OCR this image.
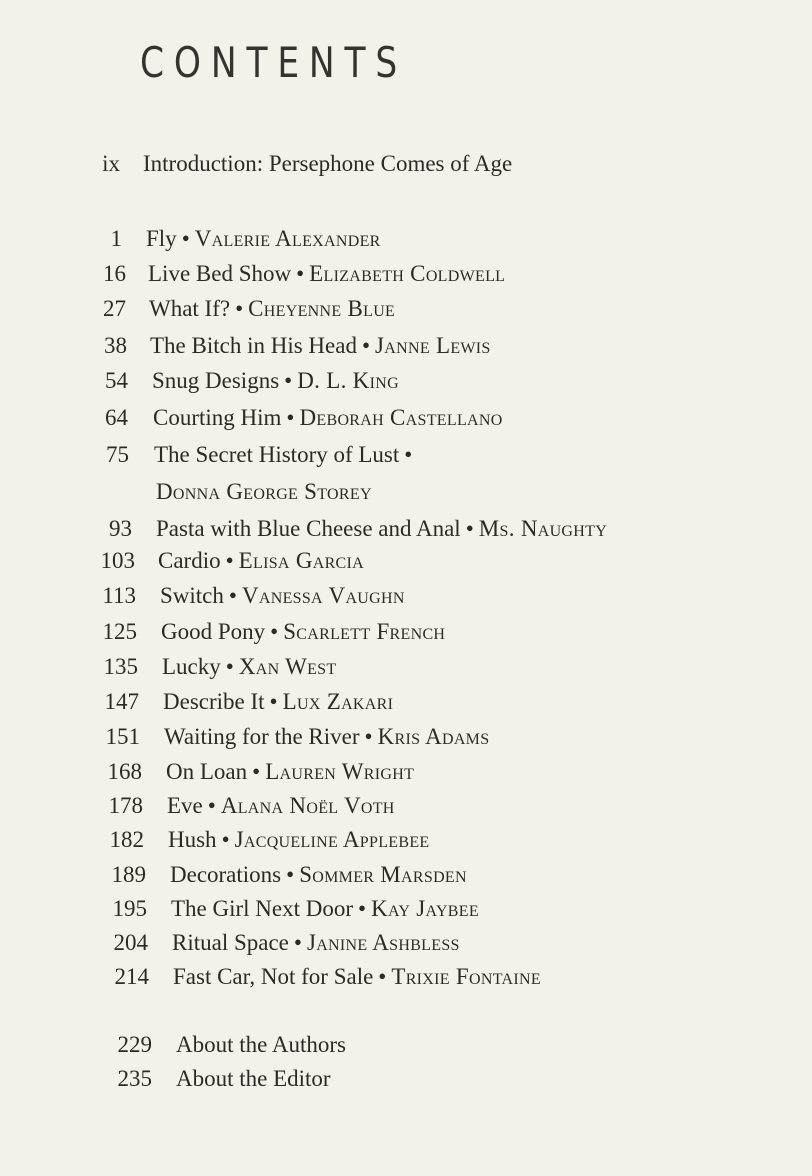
CONTENTS
ix Introduction: Persephone Comes of Age
1 Fly • Valerie Alexander
16 Live Bed Show • Elizabeth Coldwell
27 What If? • Cheyenne Blue
38 The Bitch in His Head • Janne Lewis
54 Snug Designs • D. L. King
64 Courting Him • Deborah Castellano
75 The Secret History of Lust •
Donna George Storey
93 Pasta with Blue Cheese and Anal • Ms. Naughty
103 Cardio • Elisa Garcia
113 Switch • Vanessa Vaughn
125 Good Pony • Scarlett French
135 Lucky • Xan West
147 Describe It • Lux Zakari
151 Waiting for the River • Kris Adams
168 On Loan • Lauren Wright
178 Eve • Alana Noël Voth
182 Hush • Jacqueline Applebee
189 Decorations • Sommer Marsden
195 The Girl Next Door • Kay Jaybee
204 Ritual Space • Janine Ashbless
214 Fast Car, Not for Sale • Trixie Fontaine
229 About the Authors
235 About the Editor
